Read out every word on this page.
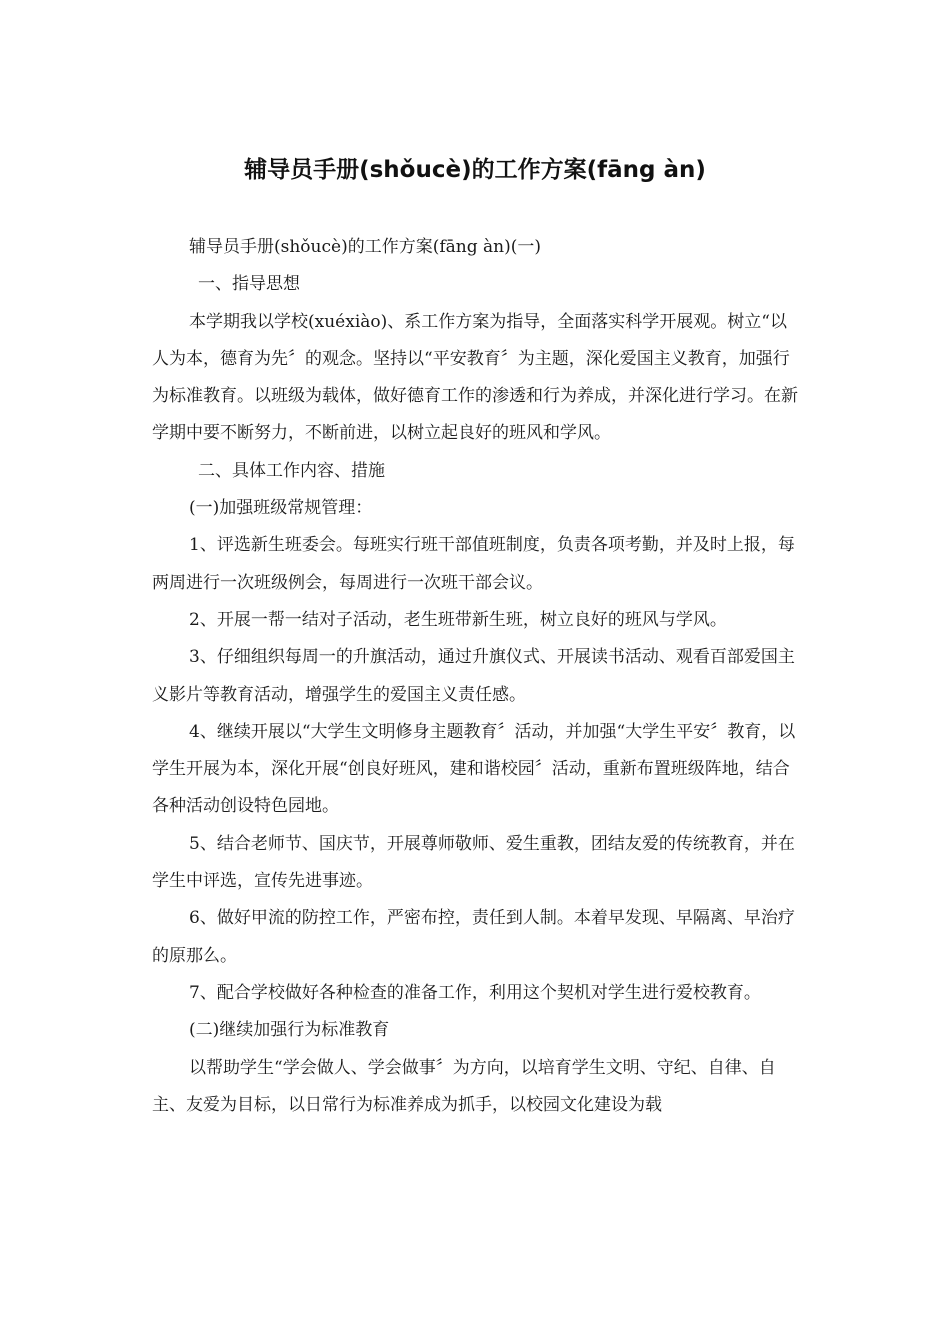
辅导员手册(shǒucè)的工作方案(fāng àn)

辅导员手册(shǒucè)的工作方案(fāng àn)(一)

一、指导思想

本学期我以学校(xuéxiào)、系工作方案为指导，全面落实科学开展观。树立“以人为本，德育为先〞的观念。坚持以“平安教育〞为主题，深化爱国主义教育，加强行为标准教育。以班级为载体，做好德育工作的渗透和行为养成，并深化进行学习。在新学期中要不断努力，不断前进，以树立起良好的班风和学风。

二、具体工作内容、措施

(一)加强班级常规管理：

1、评选新生班委会。每班实行班干部值班制度，负责各项考勤，并及时上报，每两周进行一次班级例会，每周进行一次班干部会议。

2、开展一帮一结对子活动，老生班带新生班，树立良好的班风与学风。

3、仔细组织每周一的升旗活动，通过升旗仪式、开展读书活动、观看百部爱国主义影片等教育活动，增强学生的爱国主义责任感。

4、继续开展以“大学生文明修身主题教育〞活动，并加强“大学生平安〞教育，以学生开展为本，深化开展“创良好班风，建和谐校园〞活动，重新布置班级阵地，结合各种活动创设特色园地。

5、结合老师节、国庆节，开展尊师敬师、爱生重教，团结友爱的传统教育，并在学生中评选，宣传先进事迹。

6、做好甲流的防控工作，严密布控，责任到人制。本着早发现、早隔离、早治疗的原那么。

7、配合学校做好各种检查的准备工作，利用这个契机对学生进行爱校教育。

(二)继续加强行为标准教育

以帮助学生“学会做人、学会做事〞为方向，以培育学生文明、守纪、自律、自主、友爱为目标，以日常行为标准养成为抓手，以校园文化建设为载
